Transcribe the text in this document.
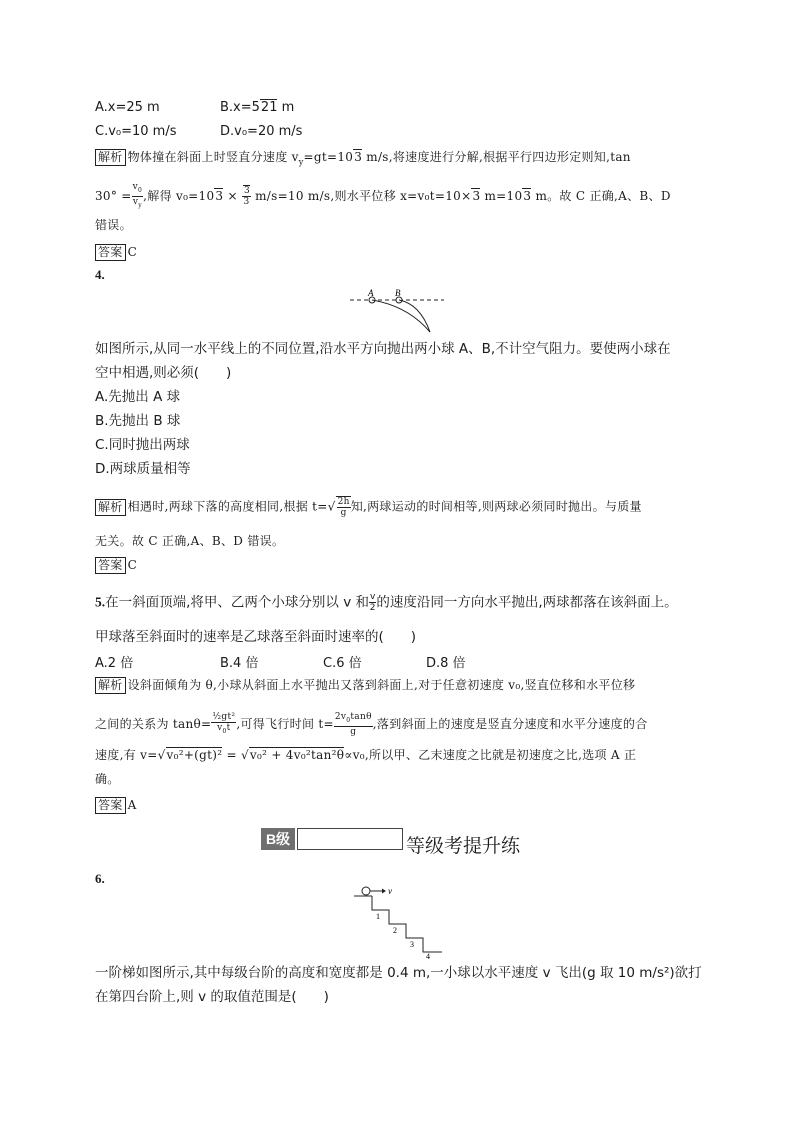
A.x=25 m	B.x=521 m
C.v₀=10 m/s	D.v₀=20 m/s
解析 物体撞在斜面上时竖直分速度 $v_y=gt=103$ m/s,将速度进行分解,根据平行四边形定则知,tan
$30^\circ = \frac{v_0}{v_y}$ ,解得 $v_0=103 \times \frac{3}{3} m/s=10$ m/s,则水平位移 x=v₀t=10×3 m=103 m。故 C 正确,A、B、D
错误。
答案 C
4.
A B
如图所示,从同一水平线上的不同位置,沿水平方向抛出两小球 A、B,不计空气阻力。要使两小球在
空中相遇,则必须(　　)
A.先抛出 A 球
B.先抛出 B 球
C.同时抛出两球
D.两球质量相等
解析 相遇时,两球下落的高度相同,根据 $t=√ \frac{2h}{g}$ 知,两球运动的时间相等,则两球必须同时抛出。与质量
无关。故 C 正确,A、B、D 错误。
答案 C
5.在一斜面顶端,将甲、乙两个小球分别以 v 和 $\frac{v}{2}$ 的速度沿同一方向水平抛出,两球都落在该斜面上。
甲球落至斜面时的速率是乙球落至斜面时速率的(　　)
A.2 倍	B.4 倍	C.6 倍	D.8 倍
解析 设斜面倾角为 θ,小球从斜面上水平抛出又落到斜面上,对于任意初速度 v₀,竖直位移和水平位移
之间的关系为 $\tan\theta= \frac{\text{½gt²}}{v_0t}$ ,可得飞行时间 $t= \frac{2v_0\tan\theta}{g}$ ,落到斜面上的速度是竖直分速度和水平分速度的合
速度,有 v=√v₀²+(gt)² = √v₀² + 4v₀²tan²θ∝v₀,所以甲、乙末速度之比就是初速度之比,选项 A 正
确。
答案 A
B级	等级考提升练
6.
v
1
2
3
4
一阶梯如图所示,其中每级台阶的高度和宽度都是 0.4 m,一小球以水平速度 v 飞出(g 取 10 m/s²)欲打
在第四台阶上,则 v 的取值范围是(　　)
